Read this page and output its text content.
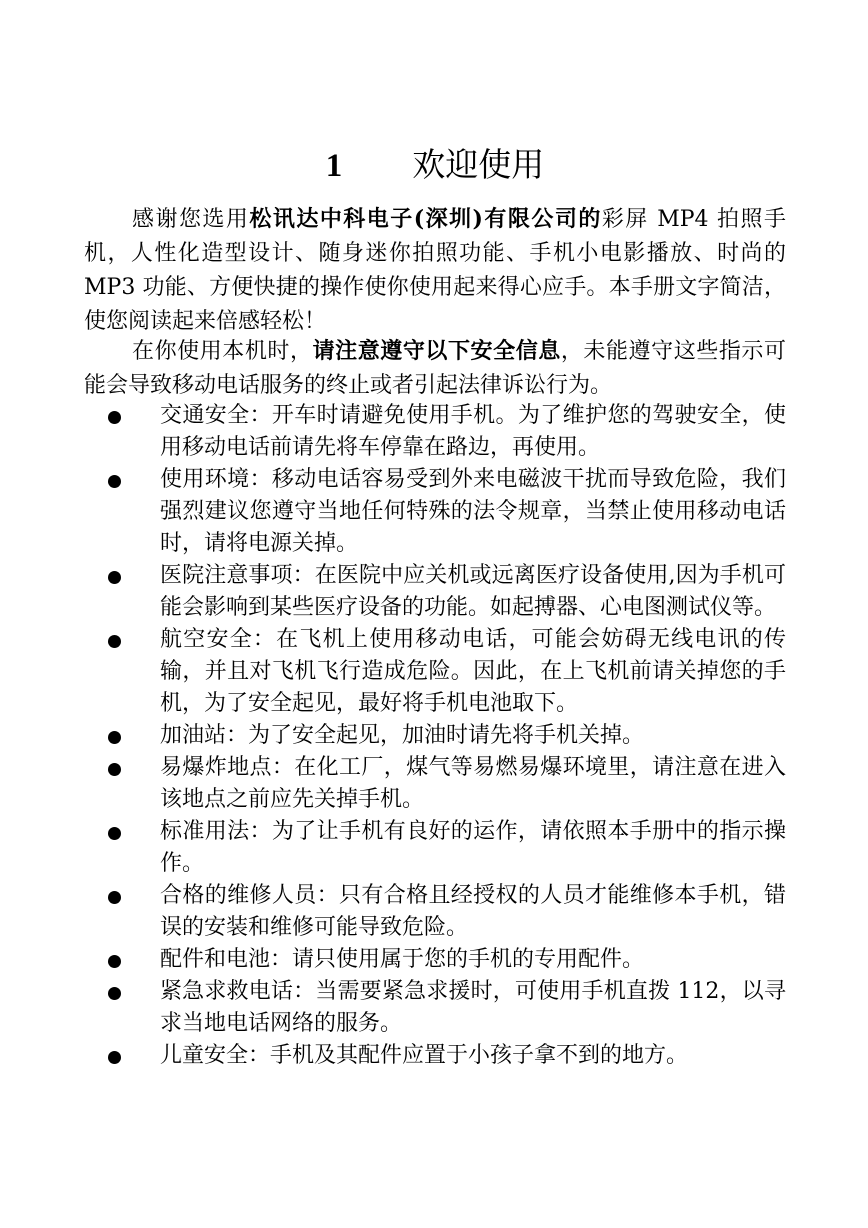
1 欢迎使用

感谢您选用松讯达中科电子(深圳)有限公司的彩屏 MP4 拍照手机，人性化造型设计、随身迷你拍照功能、手机小电影播放、时尚的 MP3 功能、方便快捷的操作使你使用起来得心应手。本手册文字简洁，使您阅读起来倍感轻松！

在你使用本机时，请注意遵守以下安全信息，未能遵守这些指示可能会导致移动电话服务的终止或者引起法律诉讼行为。

交通安全：开车时请避免使用手机。为了维护您的驾驶安全，使用移动电话前请先将车停靠在路边，再使用。
使用环境：移动电话容易受到外来电磁波干扰而导致危险，我们强烈建议您遵守当地任何特殊的法令规章，当禁止使用移动电话时，请将电源关掉。
医院注意事项：在医院中应关机或远离医疗设备使用,因为手机可能会影响到某些医疗设备的功能。如起搏器、心电图测试仪等。
航空安全：在飞机上使用移动电话，可能会妨碍无线电讯的传输，并且对飞机飞行造成危险。因此，在上飞机前请关掉您的手机，为了安全起见，最好将手机电池取下。
加油站：为了安全起见，加油时请先将手机关掉。
易爆炸地点：在化工厂，煤气等易燃易爆环境里，请注意在进入该地点之前应先关掉手机。
标准用法：为了让手机有良好的运作，请依照本手册中的指示操作。
合格的维修人员：只有合格且经授权的人员才能维修本手机，错误的安装和维修可能导致危险。
配件和电池：请只使用属于您的手机的专用配件。
紧急求救电话：当需要紧急求援时，可使用手机直拨 112，以寻求当地电话网络的服务。
儿童安全：手机及其配件应置于小孩子拿不到的地方。
